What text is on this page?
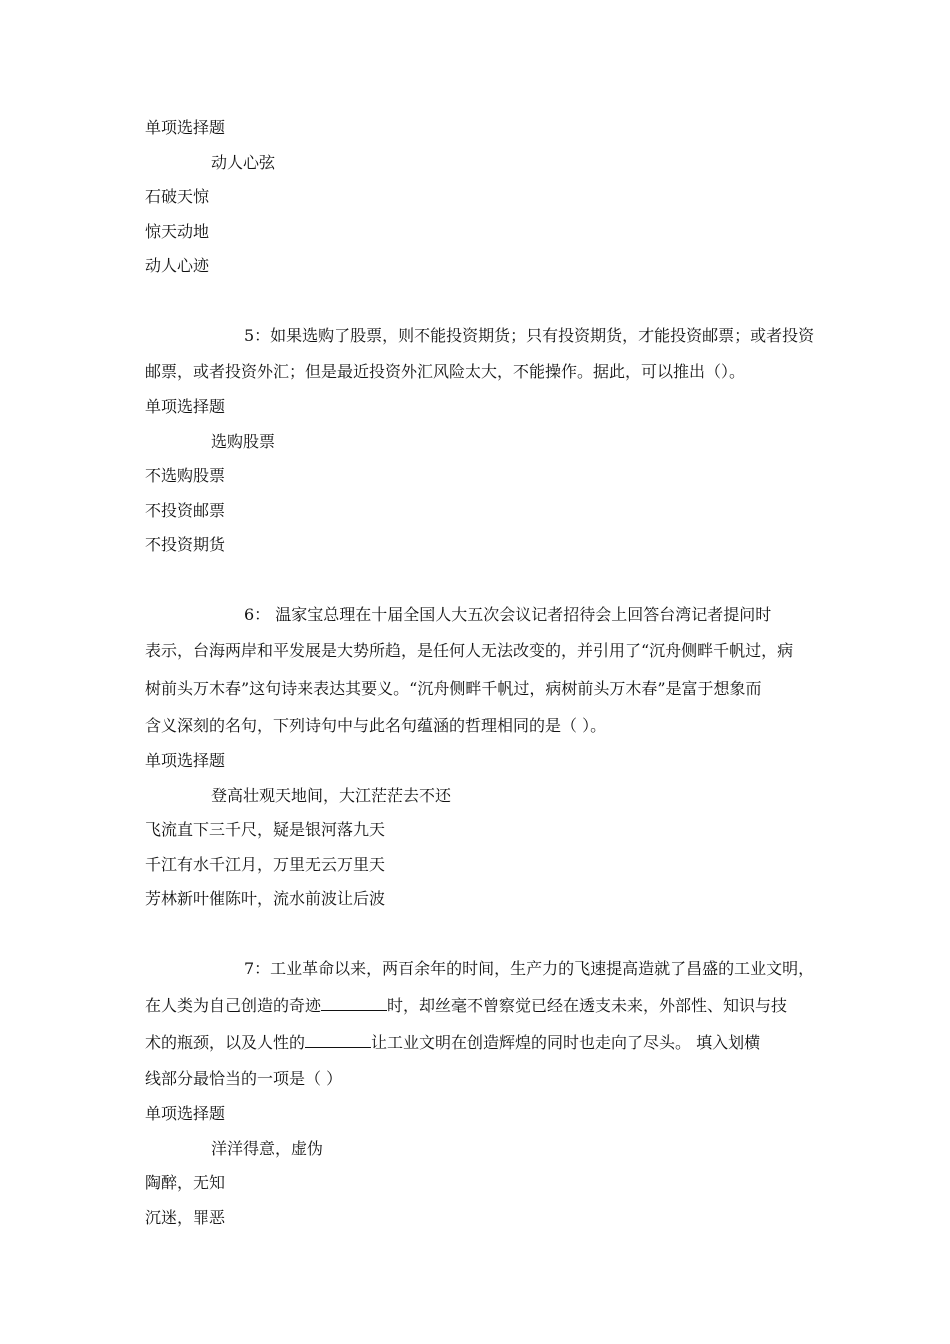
单项选择题
动人心弦
石破天惊
惊天动地
动人心迹
5：如果选购了股票，则不能投资期货；只有投资期货，才能投资邮票；或者投资
邮票，或者投资外汇；但是最近投资外汇风险太大，不能操作。据此，可以推出（）。
单项选择题
选购股票
不选购股票
不投资邮票
不投资期货
6： 温家宝总理在十届全国人大五次会议记者招待会上回答台湾记者提问时
表示，台海两岸和平发展是大势所趋，是任何人无法改变的，并引用了“沉舟侧畔千帆过，病
树前头万木春”这句诗来表达其要义。“沉舟侧畔千帆过，病树前头万木春”是富于想象而
含义深刻的名句，下列诗句中与此名句蕴涵的哲理相同的是（ ）。
单项选择题
登高壮观天地间，大江茫茫去不还
飞流直下三千尺，疑是银河落九天
千江有水千江月，万里无云万里天
芳林新叶催陈叶，流水前波让后波
7：工业革命以来，两百余年的时间，生产力的飞速提高造就了昌盛的工业文明，
在人类为自己创造的奇迹	时，却丝毫不曾察觉已经在透支未来，外部性、知识与技
术的瓶颈，以及人性的	让工业文明在创造辉煌的同时也走向了尽头。 填入划横
线部分最恰当的一项是（ ）
单项选择题
洋洋得意，虚伪
陶醉，无知
沉迷，罪恶
